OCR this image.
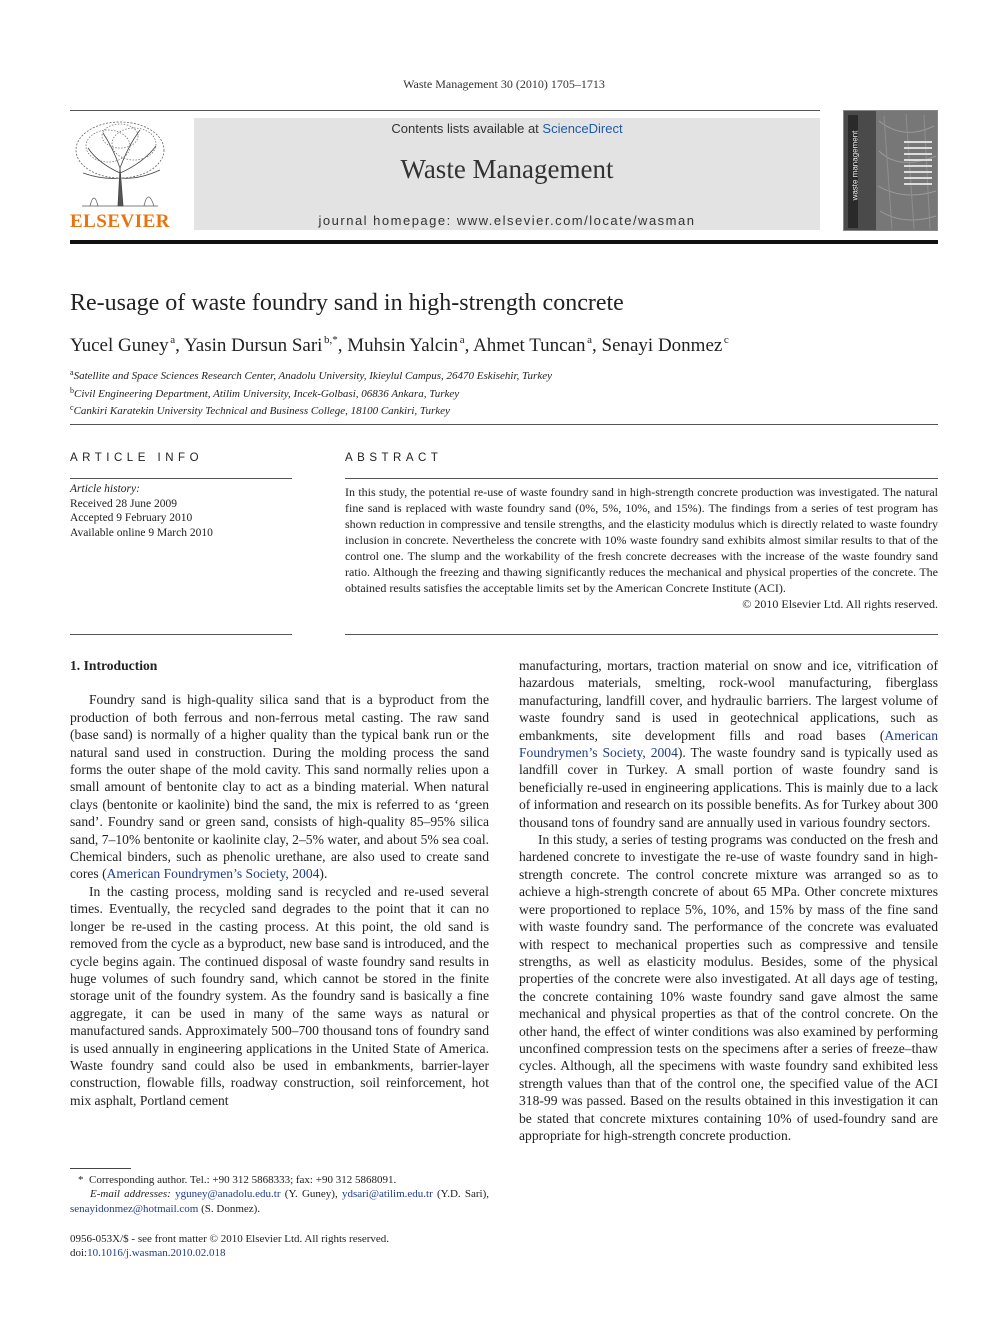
Waste Management 30 (2010) 1705–1713
ELSEVIER
Contents lists available at ScienceDirect
Waste Management
journal homepage: www.elsevier.com/locate/wasman
waste management
Re-usage of waste foundry sand in high-strength concrete
Yucel Guney  $^a$, Yasin Dursun Sari  $^{b,*}$, Muhsin Yalcin  $^a$, Ahmet Tuncan  $^a$, Senayi Donmez  $^c$
$^a$Satellite and Space Sciences Research Center, Anadolu University, Ikieylul Campus, 26470 Eskisehir, Turkey
$^b$Civil Engineering Department, Atilim University, Incek-Golbasi, 06836 Ankara, Turkey
$^c$Cankiri Karatekin University Technical and Business College, 18100 Cankiri, Turkey
ARTICLE INFO	ABSTRACT
Article history:
Received 28 June 2009
Accepted 9 February 2010
Available online 9 March 2010
In this study, the potential re-use of waste foundry sand in high-strength concrete production was investigated. The natural fine sand is replaced with waste foundry sand (0%, 5%, 10%, and 15%). The findings from a series of test program has shown reduction in compressive and tensile strengths, and the elasticity modulus which is directly related to waste foundry inclusion in concrete. Nevertheless the concrete with 10% waste foundry sand exhibits almost similar results to that of the control one. The slump and the workability of the fresh concrete decreases with the increase of the waste foundry sand ratio. Although the freezing and thawing significantly reduces the mechanical and physical properties of the concrete. The obtained results satisfies the acceptable limits set by the American Concrete Institute (ACI).
© 2010 Elsevier Ltd. All rights reserved.
1. Introduction

Foundry sand is high-quality silica sand that is a byproduct from the production of both ferrous and non-ferrous metal casting. The raw sand (base sand) is normally of a higher quality than the typical bank run or the natural sand used in construction. During the molding process the sand forms the outer shape of the mold cavity. This sand normally relies upon a small amount of bentonite clay to act as a binding material. When natural clays (bentonite or kaolinite) bind the sand, the mix is referred to as ‘green sand’. Foundry sand or green sand, consists of high-quality 85–95% silica sand, 7–10% bentonite or kaolinite clay, 2–5% water, and about 5% sea coal. Chemical binders, such as phenolic urethane, are also used to create sand cores (American Foundrymen’s Society, 2004).

In the casting process, molding sand is recycled and re-used several times. Eventually, the recycled sand degrades to the point that it can no longer be re-used in the casting process. At this point, the old sand is removed from the cycle as a byproduct, new base sand is introduced, and the cycle begins again. The continued disposal of waste foundry sand results in huge volumes of such foundry sand, which cannot be stored in the finite storage unit of the foundry system. As the foundry sand is basically a fine aggregate, it can be used in many of the same ways as natural or manufactured sands. Approximately 500–700 thousand tons of foundry sand is used annually in engineering applications in the United State of America. Waste foundry sand could also be used in embankments, barrier-layer construction, flowable fills, roadway construction, soil reinforcement, hot mix asphalt, Portland cement

manufacturing, mortars, traction material on snow and ice, vitrification of hazardous materials, smelting, rock-wool manufacturing, fiberglass manufacturing, landfill cover, and hydraulic barriers. The largest volume of waste foundry sand is used in geotechnical applications, such as embankments, site development fills and road bases (American Foundrymen’s Society, 2004). The waste foundry sand is typically used as landfill cover in Turkey. A small portion of waste foundry sand is beneficially re-used in engineering applications. This is mainly due to a lack of information and research on its possible benefits. As for Turkey about 300 thousand tons of foundry sand are annually used in various foundry sectors.

In this study, a series of testing programs was conducted on the fresh and hardened concrete to investigate the re-use of waste foundry sand in high-strength concrete. The control concrete mixture was arranged so as to achieve a high-strength concrete of about 65 MPa. Other concrete mixtures were proportioned to replace 5%, 10%, and 15% by mass of the fine sand with waste foundry sand. The performance of the concrete was evaluated with respect to mechanical properties such as compressive and tensile strengths, as well as elasticity modulus. Besides, some of the physical properties of the concrete were also investigated. At all days age of testing, the concrete containing 10% waste foundry sand gave almost the same mechanical and physical properties as that of the control concrete. On the other hand, the effect of winter conditions was also examined by performing unconfined compression tests on the specimens after a series of freeze–thaw cycles. Although, all the specimens with waste foundry sand exhibited less strength values than that of the control one, the specified value of the ACI 318-99 was passed. Based on the results obtained in this investigation it can be stated that concrete mixtures containing 10% of used-foundry sand are appropriate for high-strength concrete production.

* Corresponding author. Tel.: +90 312 5868333; fax: +90 312 5868091.
E-mail addresses: yguney@anadolu.edu.tr (Y. Guney), ydsari@atilim.edu.tr (Y.D. Sari), senayidonmez@hotmail.com (S. Donmez).
0956-053X/$ - see front matter © 2010 Elsevier Ltd. All rights reserved.
doi:10.1016/j.wasman.2010.02.018
